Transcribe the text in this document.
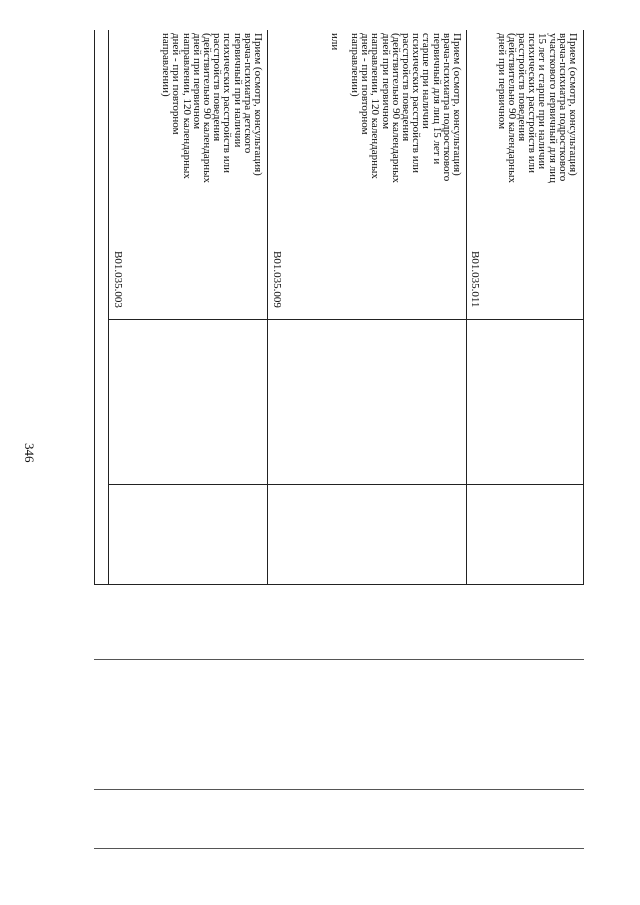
346
Прием (осмотр, консультация)
врача-психиатра детского
первичный при наличии
психических расстройств или
расстройств поведения
(действительно 90 календарных
дней при первичном
направлении, 120 календарных
дней - при повторном
направлении)
B01.035.003
Прием (осмотр, консультация)
врача-психиатра подросткового
первичный для лиц 15 лет и
старше при наличии
психических расстройств или
расстройств поведения
(действительно 90 календарных
дней при первичном
направлении, 120 календарных
дней - при повторном
направлении)

или
B01.035.009
Прием (осмотр, консультация)
врача-психиатра подросткового
участкового первичный для лиц
15 лет и старше при наличии
психических расстройств или
расстройств поведения
(действительно 90 календарных
дней при первичном
B01.035.011
